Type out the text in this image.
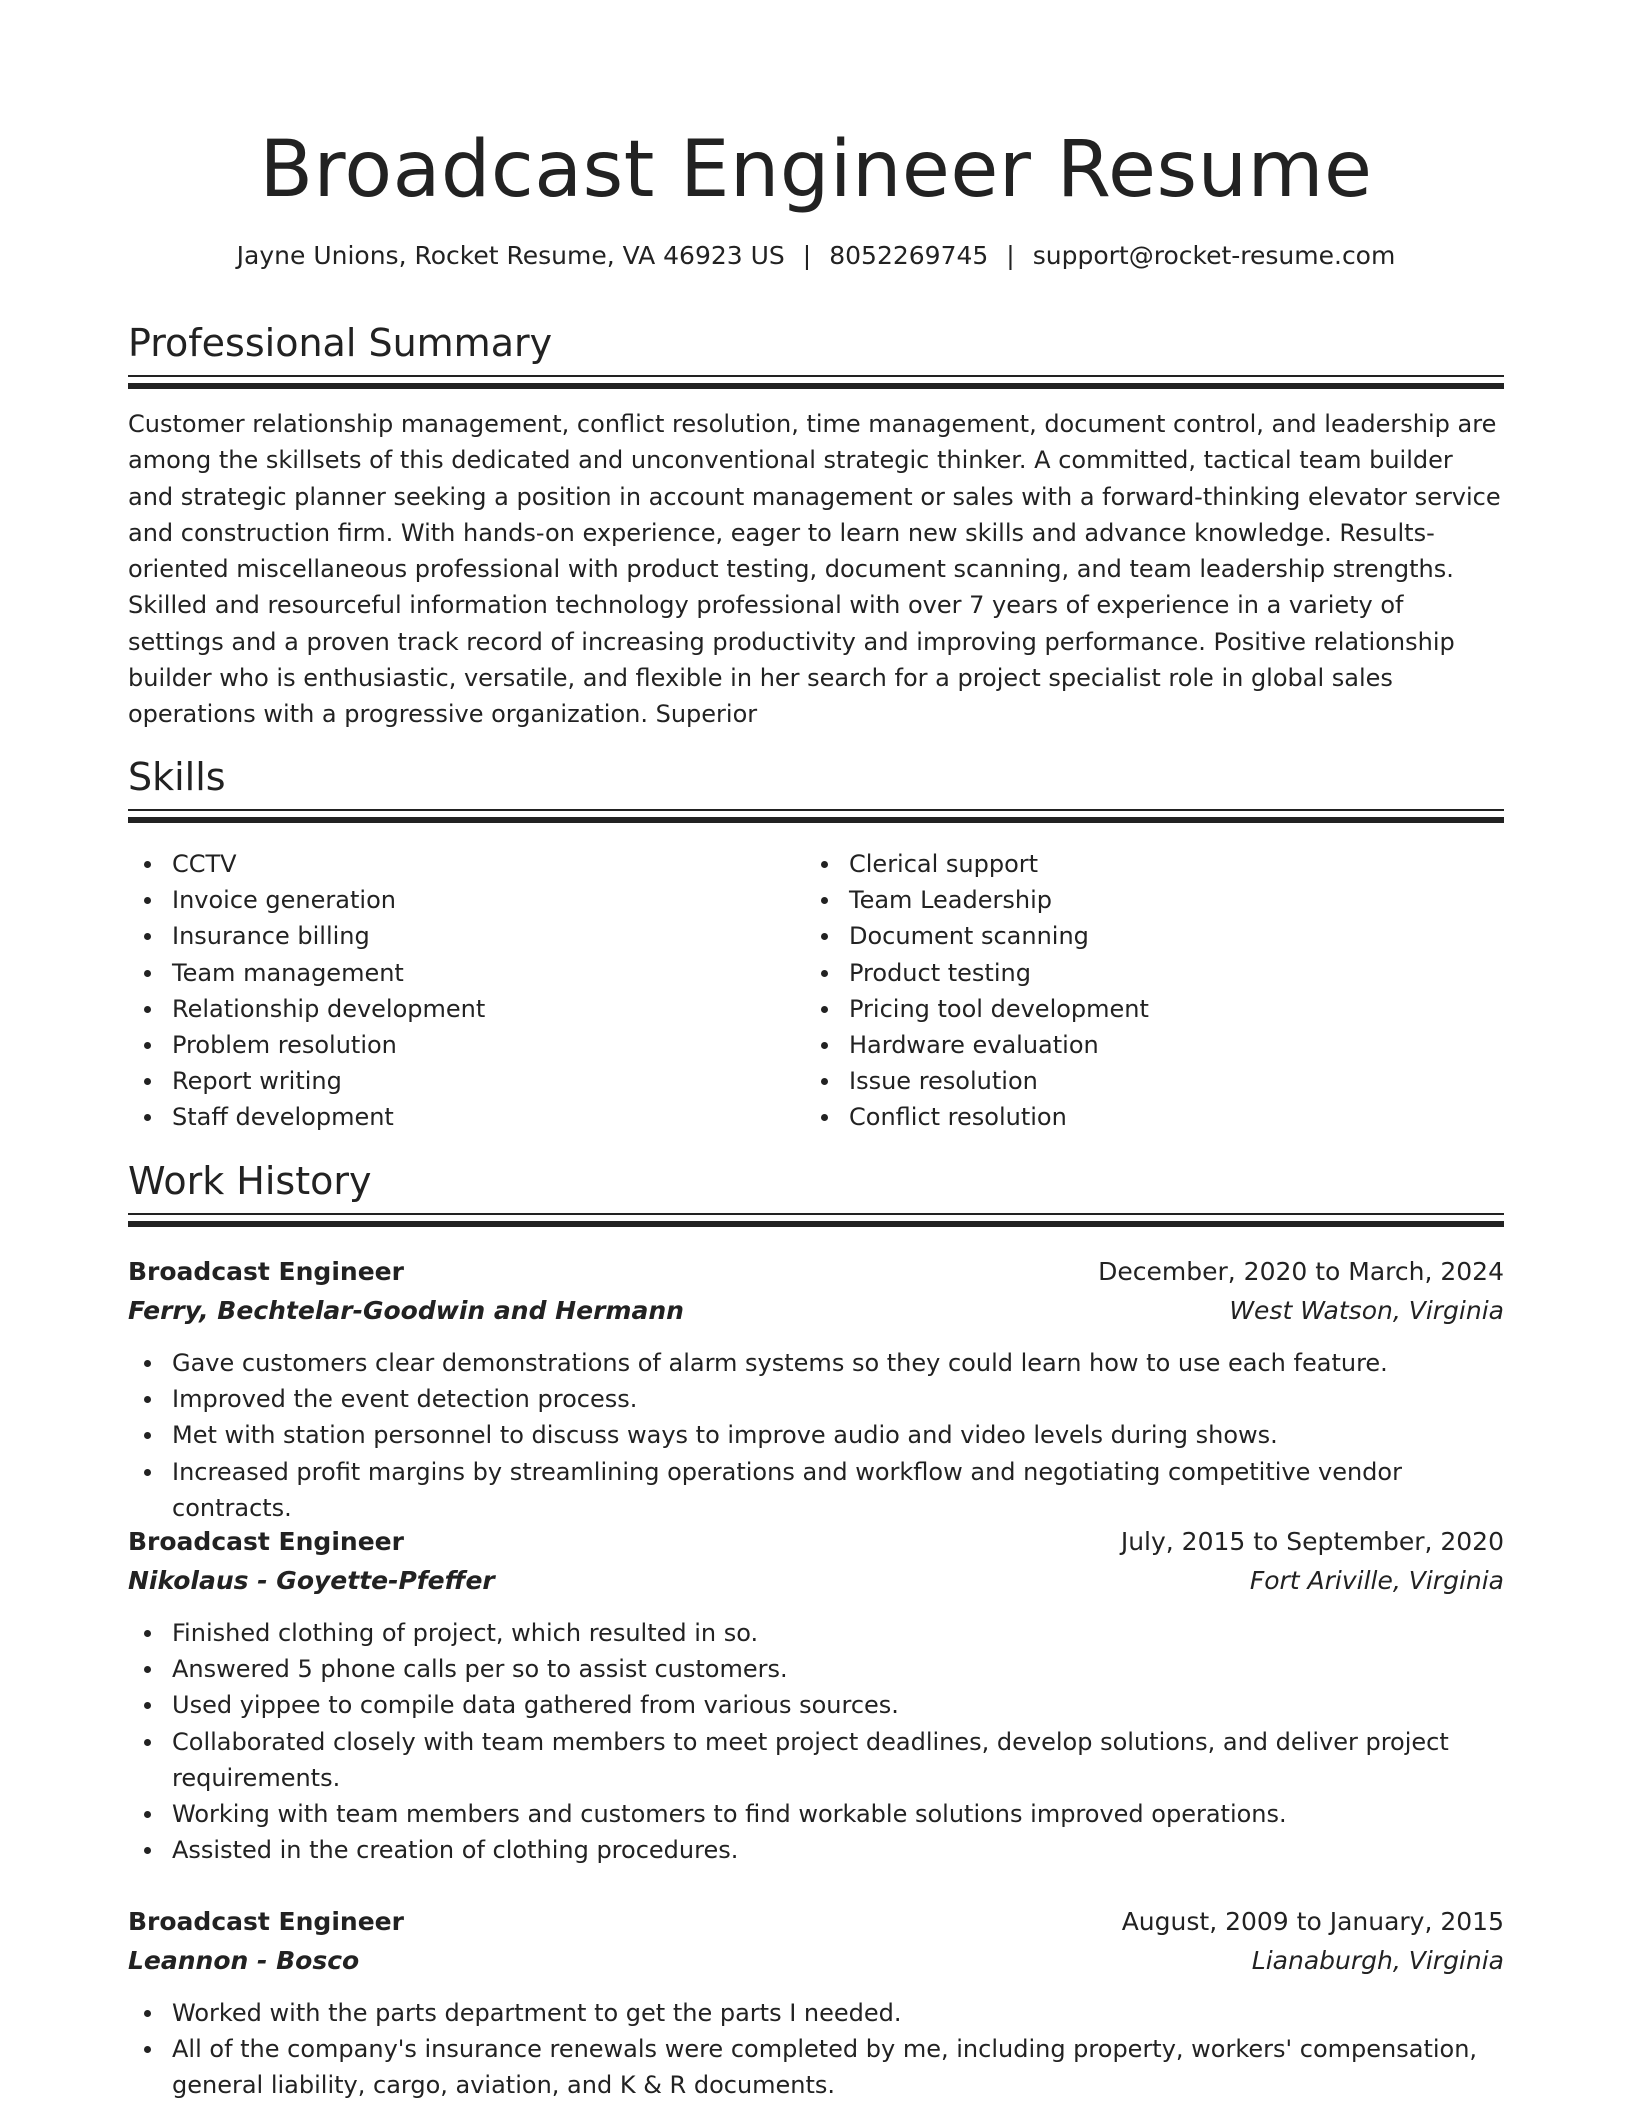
Broadcast Engineer Resume
Jayne Unions, Rocket Resume, VA 46923 US | 8052269745 | support@rocket-resume.com
Professional Summary
Customer relationship management, conflict resolution, time management, document control, and leadership are among the skillsets of this dedicated and unconventional strategic thinker. A committed, tactical team builder and strategic planner seeking a position in account management or sales with a forward-thinking elevator service and construction firm. With hands-on experience, eager to learn new skills and advance knowledge. Results-oriented miscellaneous professional with product testing, document scanning, and team leadership strengths. Skilled and resourceful information technology professional with over 7 years of experience in a variety of settings and a proven track record of increasing productivity and improving performance. Positive relationship builder who is enthusiastic, versatile, and flexible in her search for a project specialist role in global sales operations with a progressive organization. Superior
Skills
CCTV
Invoice generation
Insurance billing
Team management
Relationship development
Problem resolution
Report writing
Staff development
Clerical support
Team Leadership
Document scanning
Product testing
Pricing tool development
Hardware evaluation
Issue resolution
Conflict resolution
Work History
Broadcast Engineer	December, 2020 to March, 2024
Ferry, Bechtelar-Goodwin and Hermann	West Watson, Virginia
Gave customers clear demonstrations of alarm systems so they could learn how to use each feature.
Improved the event detection process.
Met with station personnel to discuss ways to improve audio and video levels during shows.
Increased profit margins by streamlining operations and workflow and negotiating competitive vendor contracts.
Broadcast Engineer	July, 2015 to September, 2020
Nikolaus - Goyette-Pfeffer	Fort Ariville, Virginia
Finished clothing of project, which resulted in so.
Answered 5 phone calls per so to assist customers.
Used yippee to compile data gathered from various sources.
Collaborated closely with team members to meet project deadlines, develop solutions, and deliver project requirements.
Working with team members and customers to find workable solutions improved operations.
Assisted in the creation of clothing procedures.
Broadcast Engineer	August, 2009 to January, 2015
Leannon - Bosco	Lianaburgh, Virginia
Worked with the parts department to get the parts I needed.
All of the company's insurance renewals were completed by me, including property, workers' compensation, general liability, cargo, aviation, and K & R documents.
